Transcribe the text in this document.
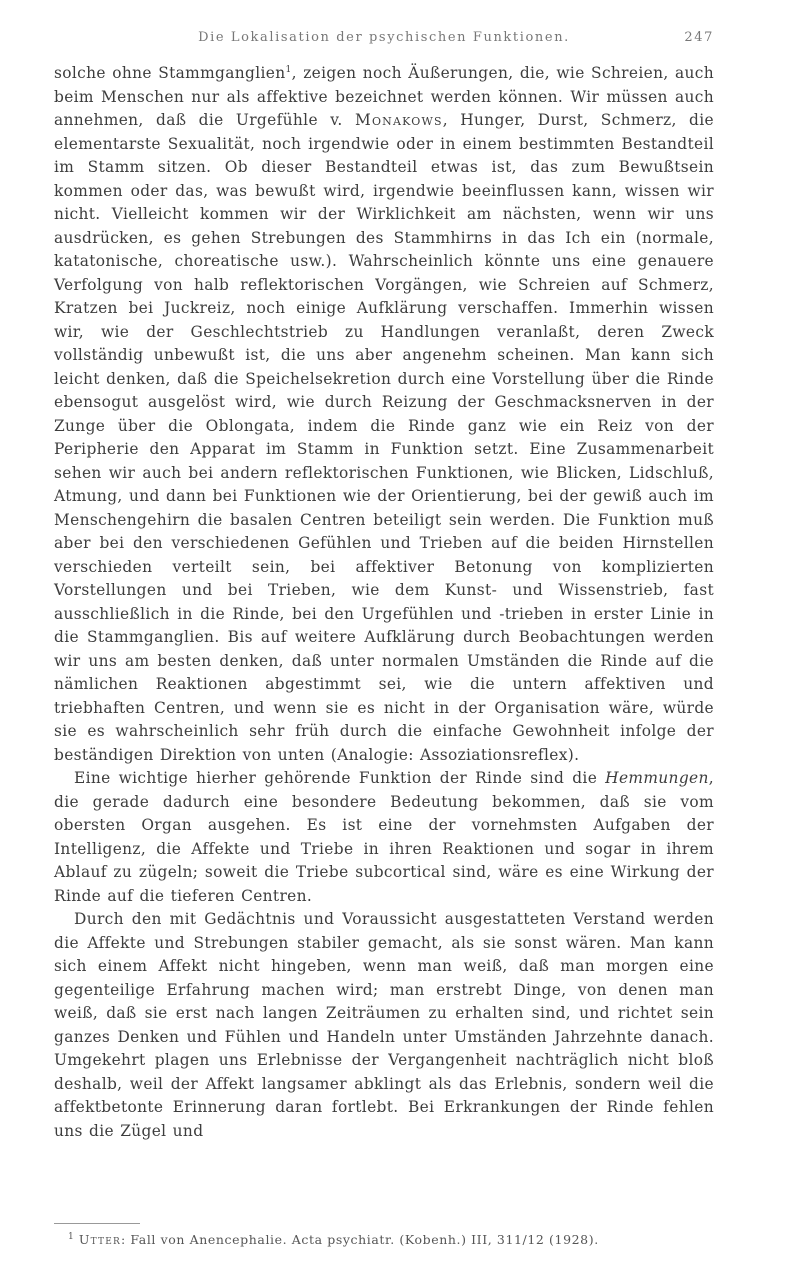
Die Lokalisation der psychischen Funktionen.	247

solche ohne Stammganglien$^1$, zeigen noch Äußerungen, die, wie Schreien, auch beim Menschen nur als affektive bezeichnet werden können. Wir müssen auch annehmen, daß die Urgefühle v. Monakows, Hunger, Durst, Schmerz, die elementarste Sexualität, noch irgendwie oder in einem bestimmten Bestandteil im Stamm sitzen. Ob dieser Bestandteil etwas ist, das zum Bewußtsein kommen oder das, was bewußt wird, irgendwie beeinflussen kann, wissen wir nicht. Vielleicht kommen wir der Wirklichkeit am nächsten, wenn wir uns ausdrücken, es gehen Strebungen des Stammhirns in das Ich ein (normale, katatonische, choreatische usw.). Wahrscheinlich könnte uns eine genauere Verfolgung von halb reflektorischen Vorgängen, wie Schreien auf Schmerz, Kratzen bei Juckreiz, noch einige Aufklärung verschaffen. Immerhin wissen wir, wie der Geschlechtstrieb zu Handlungen veranlaßt, deren Zweck vollständig unbewußt ist, die uns aber angenehm scheinen. Man kann sich leicht denken, daß die Speichelsekretion durch eine Vorstellung über die Rinde ebensogut ausgelöst wird, wie durch Reizung der Geschmacksnerven in der Zunge über die Oblongata, indem die Rinde ganz wie ein Reiz von der Peripherie den Apparat im Stamm in Funktion setzt. Eine Zusammenarbeit sehen wir auch bei andern reflektorischen Funktionen, wie Blicken, Lidschluß, Atmung, und dann bei Funktionen wie der Orientierung, bei der gewiß auch im Menschengehirn die basalen Centren beteiligt sein werden. Die Funktion muß aber bei den verschiedenen Gefühlen und Trieben auf die beiden Hirnstellen verschieden verteilt sein, bei affektiver Betonung von komplizierten Vorstellungen und bei Trieben, wie dem Kunst- und Wissenstrieb, fast ausschließlich in die Rinde, bei den Urgefühlen und -trieben in erster Linie in die Stammganglien. Bis auf weitere Aufklärung durch Beobachtungen werden wir uns am besten denken, daß unter normalen Umständen die Rinde auf die nämlichen Reaktionen abgestimmt sei, wie die untern affektiven und triebhaften Centren, und wenn sie es nicht in der Organisation wäre, würde sie es wahrscheinlich sehr früh durch die einfache Gewohnheit infolge der beständigen Direktion von unten (Analogie: Assoziationsreflex).

Eine wichtige hierher gehörende Funktion der Rinde sind die Hemmungen, die gerade dadurch eine besondere Bedeutung bekommen, daß sie vom obersten Organ ausgehen. Es ist eine der vornehmsten Aufgaben der Intelligenz, die Affekte und Triebe in ihren Reaktionen und sogar in ihrem Ablauf zu zügeln; soweit die Triebe subcortical sind, wäre es eine Wirkung der Rinde auf die tieferen Centren.

Durch den mit Gedächtnis und Voraussicht ausgestatteten Verstand werden die Affekte und Strebungen stabiler gemacht, als sie sonst wären. Man kann sich einem Affekt nicht hingeben, wenn man weiß, daß man morgen eine gegenteilige Erfahrung machen wird; man erstrebt Dinge, von denen man weiß, daß sie erst nach langen Zeiträumen zu erhalten sind, und richtet sein ganzes Denken und Fühlen und Handeln unter Umständen Jahrzehnte danach. Umgekehrt plagen uns Erlebnisse der Vergangenheit nachträglich nicht bloß deshalb, weil der Affekt langsamer abklingt als das Erlebnis, sondern weil die affektbetonte Erinnerung daran fortlebt. Bei Erkrankungen der Rinde fehlen uns die Zügel und

$^1$ Utter: Fall von Anencephalie. Acta psychiatr. (Kobenh.) III, 311/12 (1928).
